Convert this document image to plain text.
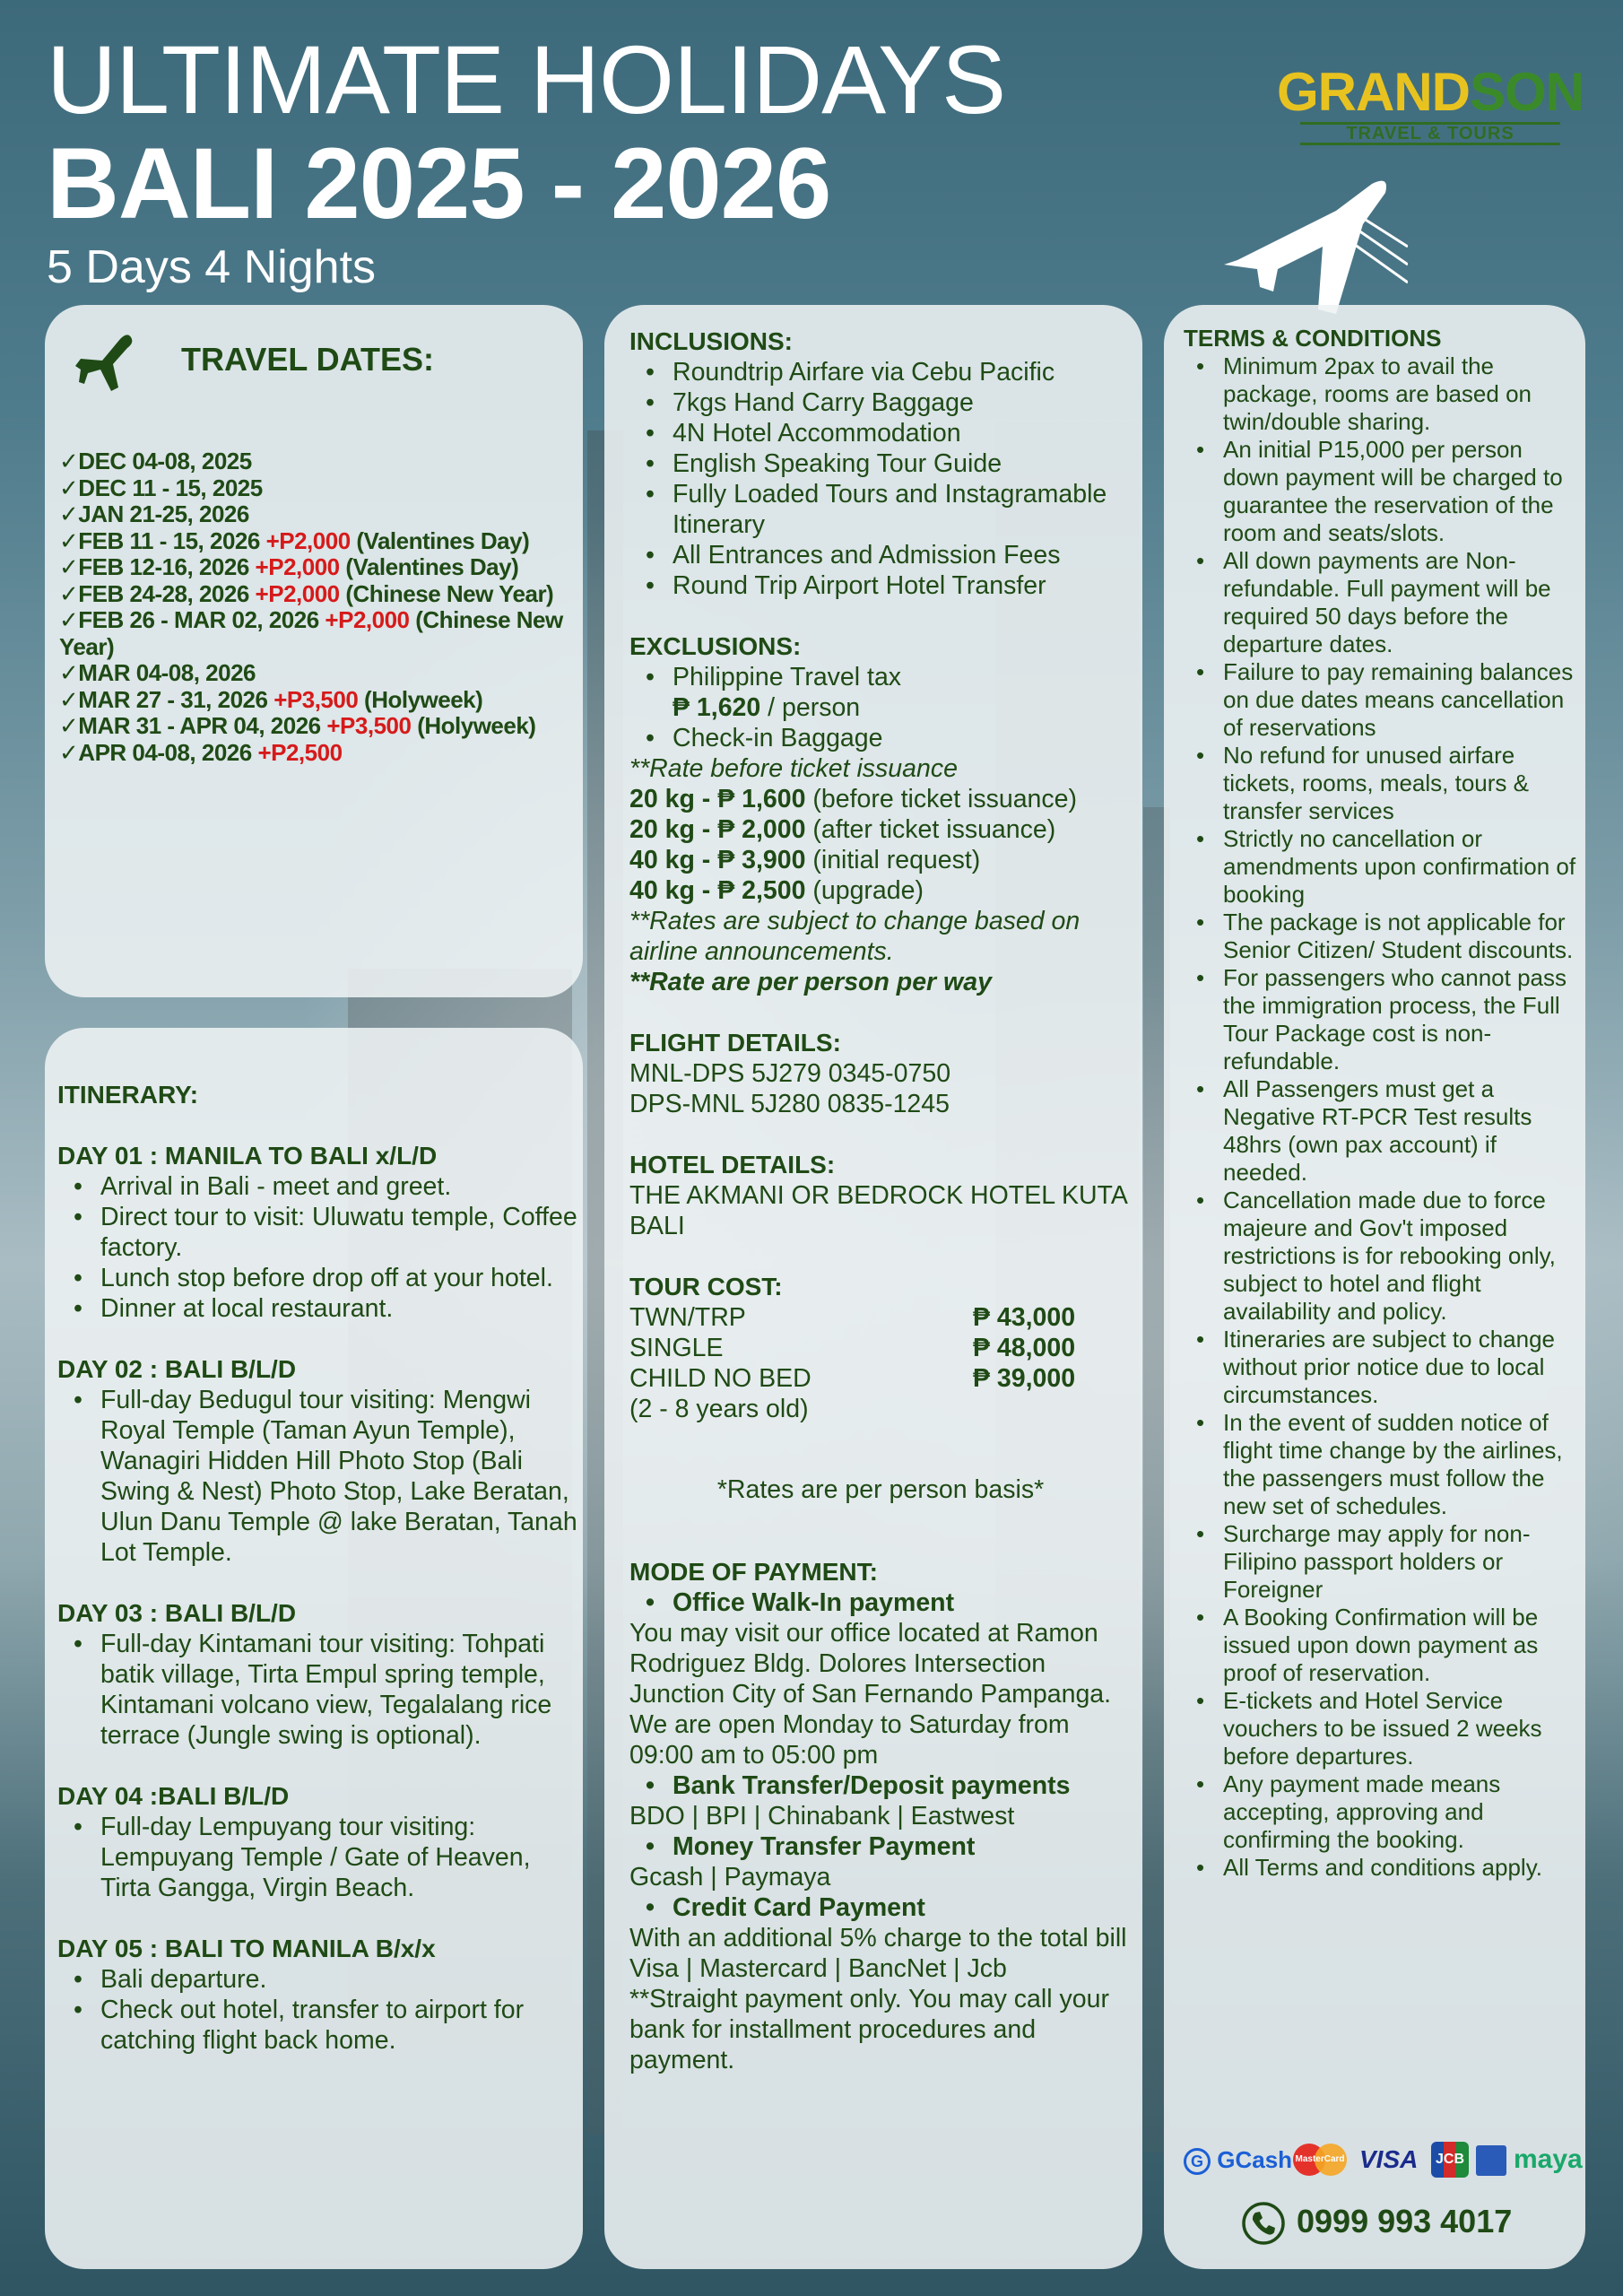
ULTIMATE HOLIDAYS
BALI 2025 - 2026
5 Days 4 Nights
GRANDSON
TRAVEL & TOURS
TRAVEL DATES:
✓DEC 04-08, 2025
✓DEC 11 - 15, 2025
✓JAN 21-25, 2026
✓FEB 11 - 15, 2026 +P2,000 (Valentines Day)
✓FEB 12-16, 2026 +P2,000 (Valentines Day)
✓FEB 24-28, 2026 +P2,000 (Chinese New Year)
✓FEB 26 - MAR 02, 2026 +P2,000 (Chinese New Year)
✓MAR 04-08, 2026
✓MAR 27 - 31, 2026 +P3,500 (Holyweek)
✓MAR 31 - APR 04, 2026 +P3,500 (Holyweek)
✓APR 04-08, 2026 +P2,500
ITINERARY:
DAY 01 : MANILA TO BALI x/L/D
• Arrival in Bali - meet and greet.
• Direct tour to visit: Uluwatu temple, Coffee factory.
• Lunch stop before drop off at your hotel.
• Dinner at local restaurant.
DAY 02 : BALI B/L/D
• Full-day Bedugul tour visiting: Mengwi Royal Temple (Taman Ayun Temple), Wanagiri Hidden Hill Photo Stop (Bali Swing & Nest) Photo Stop, Lake Beratan, Ulun Danu Temple @ lake Beratan, Tanah Lot Temple.
DAY 03 : BALI B/L/D
• Full-day Kintamani tour visiting: Tohpati batik village, Tirta Empul spring temple, Kintamani volcano view, Tegalalang rice terrace (Jungle swing is optional).
DAY 04 :BALI B/L/D
• Full-day Lempuyang tour visiting: Lempuyang Temple / Gate of Heaven, Tirta Gangga, Virgin Beach.
DAY 05 : BALI TO MANILA B/x/x
• Bali departure.
• Check out hotel, transfer to airport for catching flight back home.
INCLUSIONS:
• Roundtrip Airfare via Cebu Pacific
• 7kgs Hand Carry Baggage
• 4N Hotel Accommodation
• English Speaking Tour Guide
• Fully Loaded Tours and Instagramable Itinerary
• All Entrances and Admission Fees
• Round Trip Airport Hotel Transfer
EXCLUSIONS:
• Philippine Travel tax
₱ 1,620 / person
• Check-in Baggage
**Rate before ticket issuance
20 kg - ₱ 1,600 (before ticket issuance)
20 kg - ₱ 2,000 (after ticket issuance)
40 kg - ₱ 3,900 (initial request)
40 kg - ₱ 2,500 (upgrade)
**Rates are subject to change based on airline announcements.
**Rate are per person per way
FLIGHT DETAILS:
MNL-DPS 5J279 0345-0750
DPS-MNL 5J280 0835-1245
HOTEL DETAILS:
THE AKMANI OR BEDROCK HOTEL KUTA BALI
TOUR COST:
TWN/TRP	₱ 43,000
SINGLE	₱ 48,000
CHILD NO BED	₱ 39,000
(2 - 8 years old)
*Rates are per person basis*
MODE OF PAYMENT:
• Office Walk-In payment
You may visit our office located at Ramon Rodriguez Bldg. Dolores Intersection Junction City of San Fernando Pampanga. We are open Monday to Saturday from 09:00 am to 05:00 pm
• Bank Transfer/Deposit payments
BDO | BPI | Chinabank | Eastwest
• Money Transfer Payment
Gcash | Paymaya
• Credit Card Payment
With an additional 5% charge to the total bill
Visa | Mastercard | BancNet | Jcb
**Straight payment only. You may call your bank for installment procedures and payment.
TERMS & CONDITIONS
• Minimum 2pax to avail the package, rooms are based on twin/double sharing.
• An initial P15,000 per person down payment will be charged to guarantee the reservation of the room and seats/slots.
• All down payments are Non-refundable. Full payment will be required 50 days before the departure dates.
• Failure to pay remaining balances on due dates means cancellation of reservations
• No refund for unused airfare tickets, rooms, meals, tours & transfer services
• Strictly no cancellation or amendments upon confirmation of booking
• The package is not applicable for Senior Citizen/ Student discounts.
• For passengers who cannot pass the immigration process, the Full Tour Package cost is non-refundable.
• All Passengers must get a Negative RT-PCR Test results 48hrs (own pax account) if needed.
• Cancellation made due to force majeure and Gov't imposed restrictions is for rebooking only, subject to hotel and flight availability and policy.
• Itineraries are subject to change without prior notice due to local circumstances.
• In the event of sudden notice of flight time change by the airlines, the passengers must follow the new set of schedules.
• Surcharge may apply for non-Filipino passport holders or Foreigner
• A Booking Confirmation will be issued upon down payment as proof of reservation.
• E-tickets and Hotel Service vouchers to be issued 2 weeks before departures.
• Any payment made means accepting, approving and confirming the booking.
• All Terms and conditions apply.
G GCash MasterCard VISA	JCB maya
0999 993 4017
